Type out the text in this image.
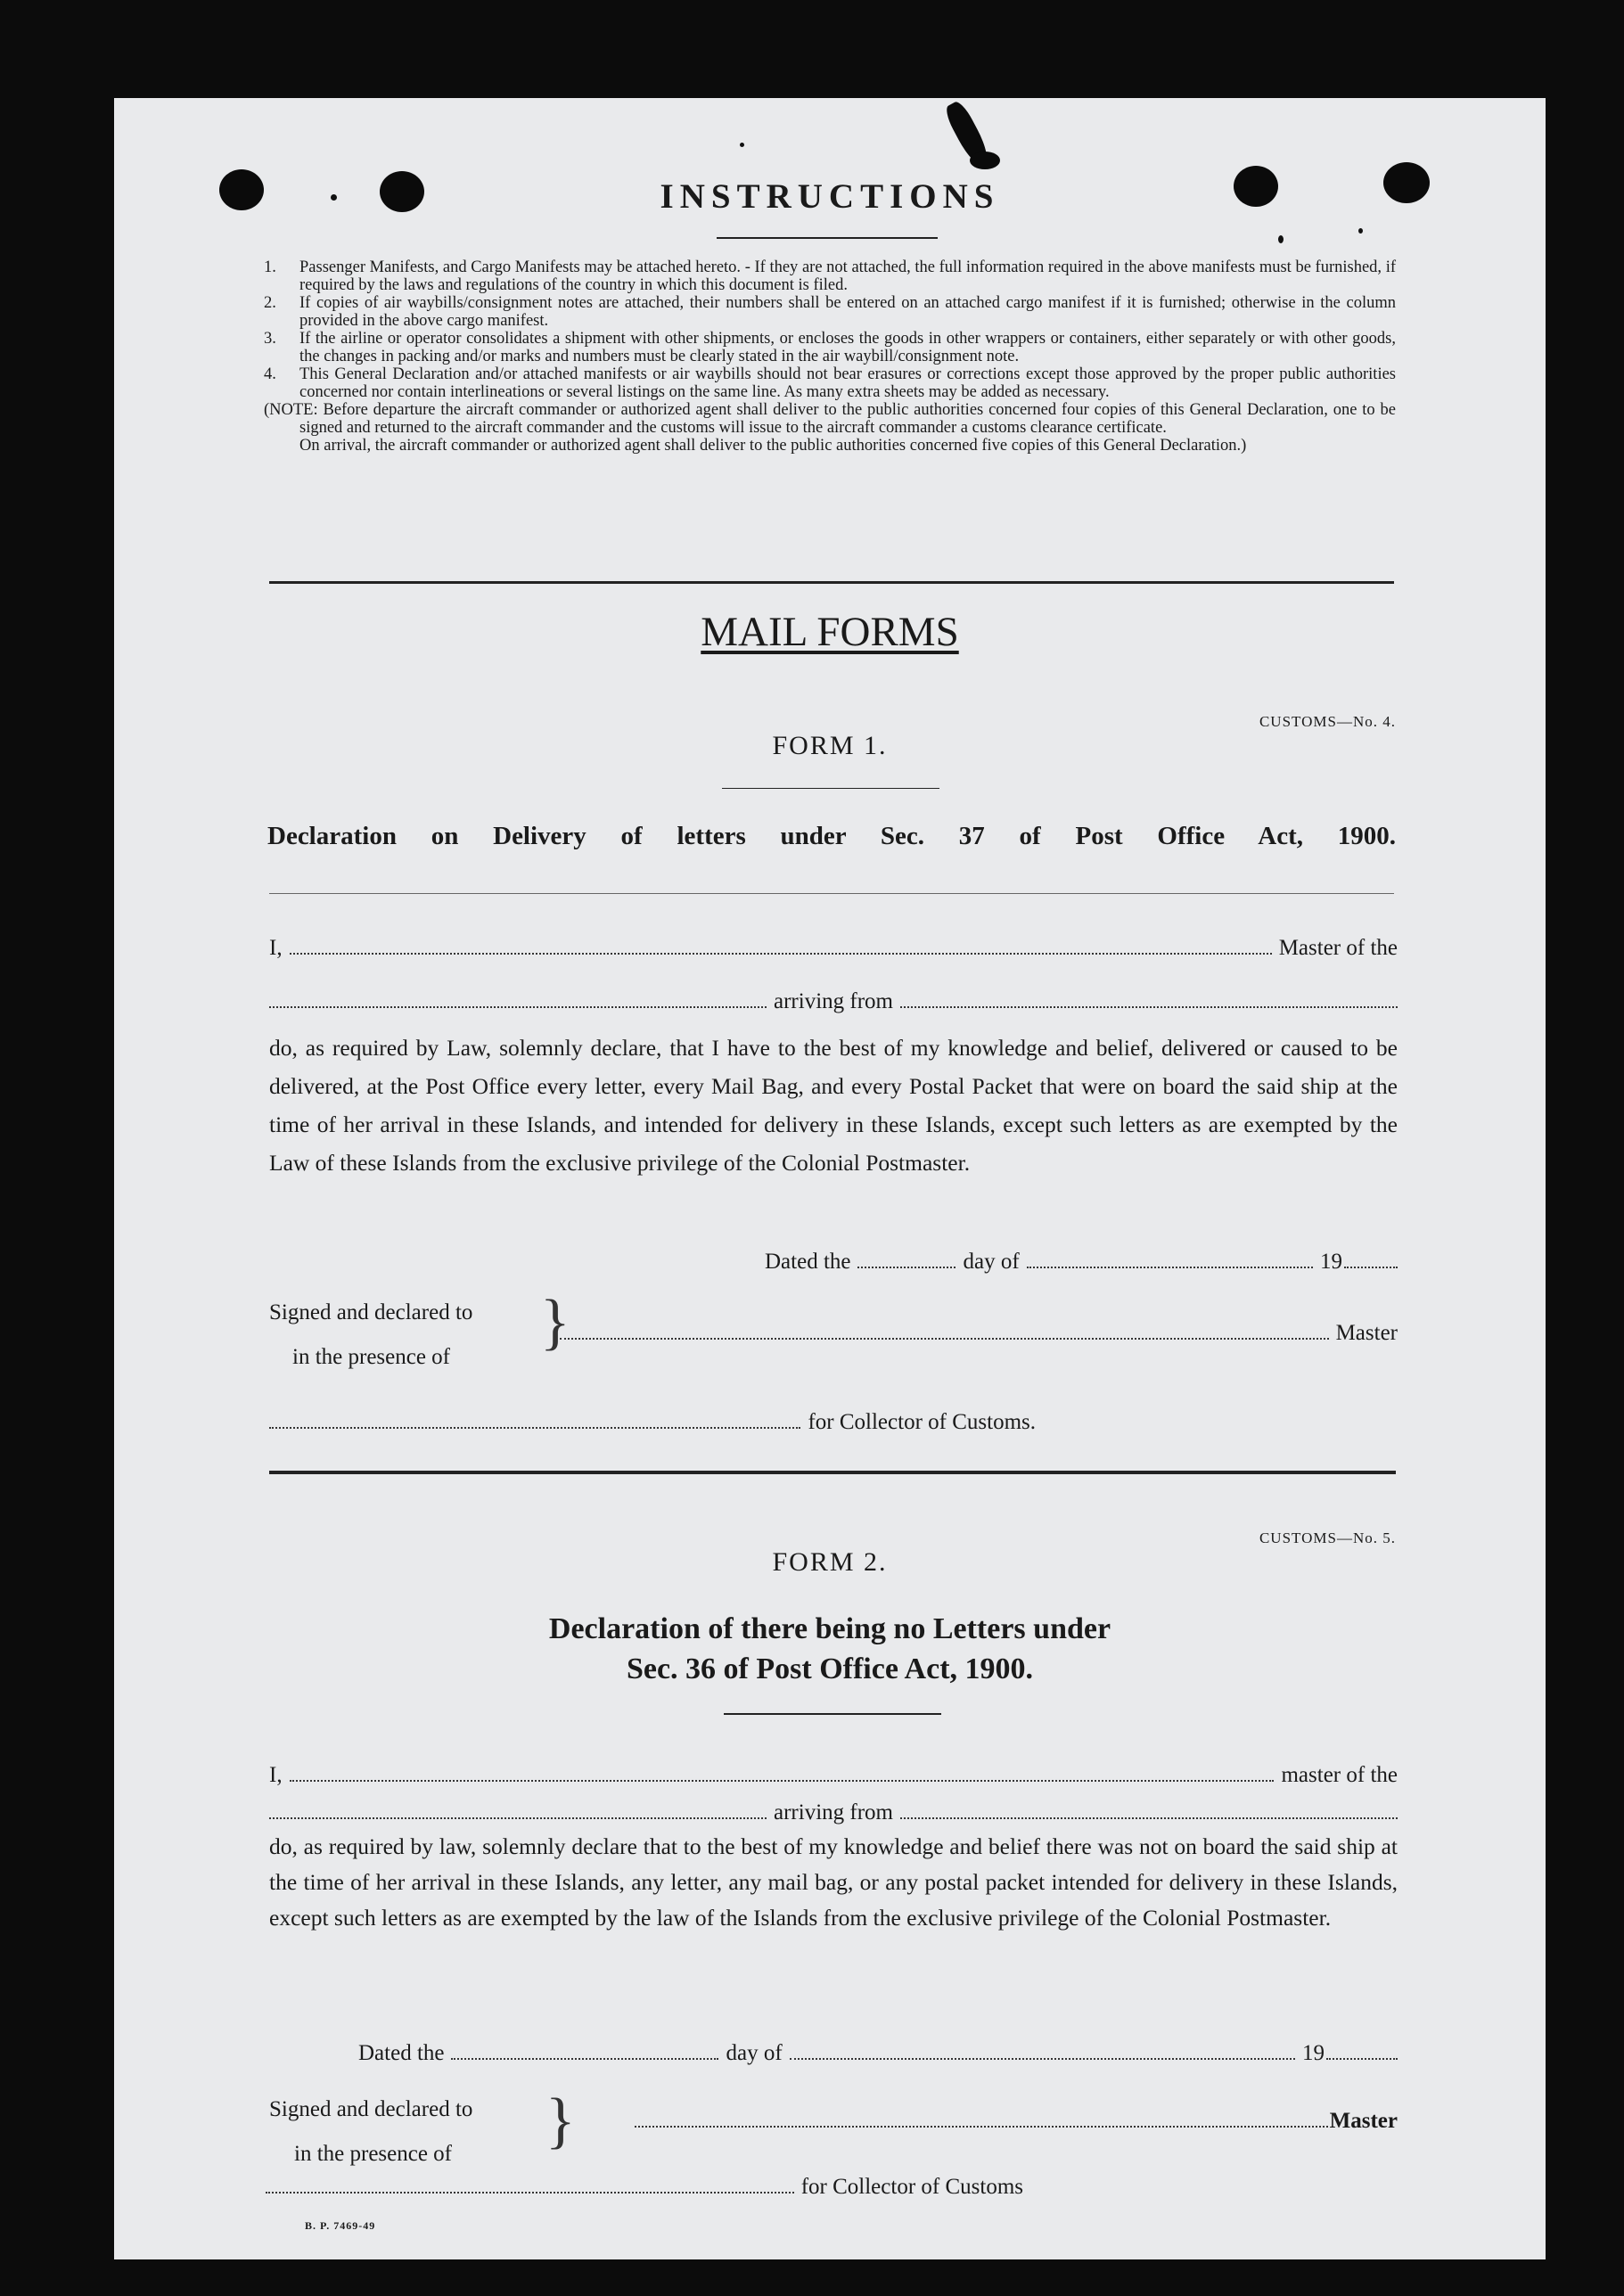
INSTRUCTIONS
1.	Passenger Manifests, and Cargo Manifests may be attached hereto. - If they are not attached, the full information required in the above manifests must be furnished, if required by the laws and regulations of the country in which this document is filed.
2.	If copies of air waybills/consignment notes are attached, their numbers shall be entered on an attached cargo manifest if it is furnished; otherwise in the column provided in the above cargo manifest.
3.	If the airline or operator consolidates a shipment with other shipments, or encloses the goods in other wrappers or containers, either separately or with other goods, the changes in packing and/or marks and numbers must be clearly stated in the air waybill/consignment note.
4.	This General Declaration and/or attached manifests or air waybills should not bear erasures or corrections except those approved by the proper public authorities concerned nor contain interlineations or several listings on the same line. As many extra sheets may be added as necessary.
(NOTE: Before departure the aircraft commander or authorized agent shall deliver to the public authorities concerned four copies of this General Declaration, one to be signed and returned to the aircraft commander and the customs will issue to the aircraft commander a customs clearance certificate.
On arrival, the aircraft commander or authorized agent shall deliver to the public authorities concerned five copies of this General Declaration.)
MAIL FORMS
CUSTOMS—No. 4.
FORM 1.
Declaration on Delivery of letters under Sec. 37 of Post Office Act, 1900.
I,	Master of the
arriving from
do, as required by Law, solemnly declare, that I have to the best of my knowledge and belief, delivered or caused to be delivered, at the Post Office every letter, every Mail Bag, and every Postal Packet that were on board the said ship at the time of her arrival in these Islands, and intended for delivery in these Islands, except such letters as are exempted by the Law of these Islands from the exclusive privilege of the Colonial Postmaster.
Dated the	day of	19
Signed and declared to
in the presence of
}	Master
for Collector of Customs.
CUSTOMS—No. 5.
FORM 2.
Declaration of there being no Letters under
Sec. 36 of Post Office Act, 1900.
I,	master of the
arriving from
do, as required by law, solemnly declare that to the best of my knowledge and belief there was not on board the said ship at the time of her arrival in these Islands, any letter, any mail bag, or any postal packet intended for delivery in these Islands, except such letters as are exempted by the law of the Islands from the exclusive privilege of the Colonial Postmaster.
Dated the	day of	19
Signed and declared to
in the presence of	}	Master
for Collector of Customs
B. P. 7469-49
